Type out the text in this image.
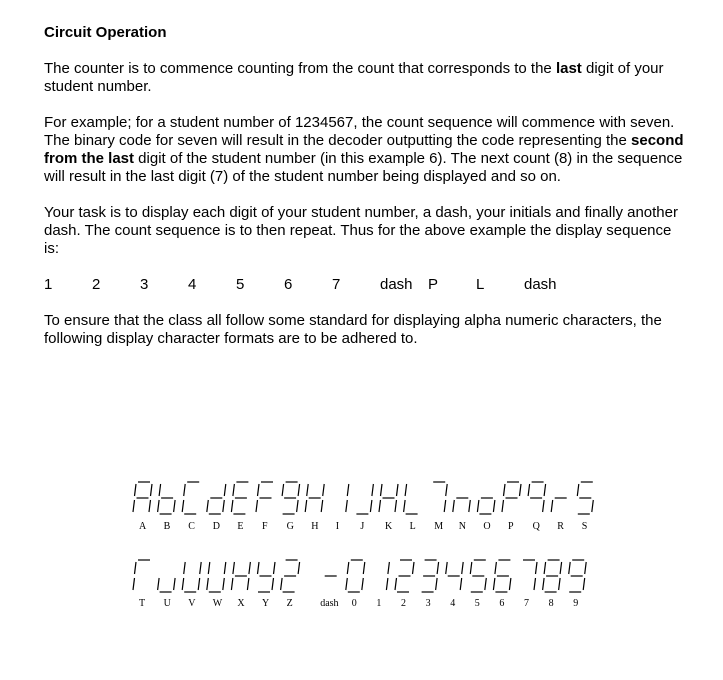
Circuit Operation

The counter is to commence counting from the count that corresponds to the last digit of your student number.

For example; for a student number of 1234567, the count sequence will commence with seven. The binary code for seven will result in the decoder outputting the code representing the second from the last digit of the student number (in this example 6). The next count (8) in the sequence will result in the last digit (7) of the student number being displayed and so on.

Your task is to display each digit of your student number, a dash, your initials and finally another dash. The count sequence is to then repeat. Thus for the above example the display sequence is:

1	2	3	4	5	6	7	dash P	L	dash

To ensure that the class all follow some standard for displaying alpha numeric characters, the following display character formats are to be adhered to.

A B C D E F G H I J K L M N O P Q R S
T U V W X Y Z	dash 0 1 2 3 4 5 6 7 8 9
